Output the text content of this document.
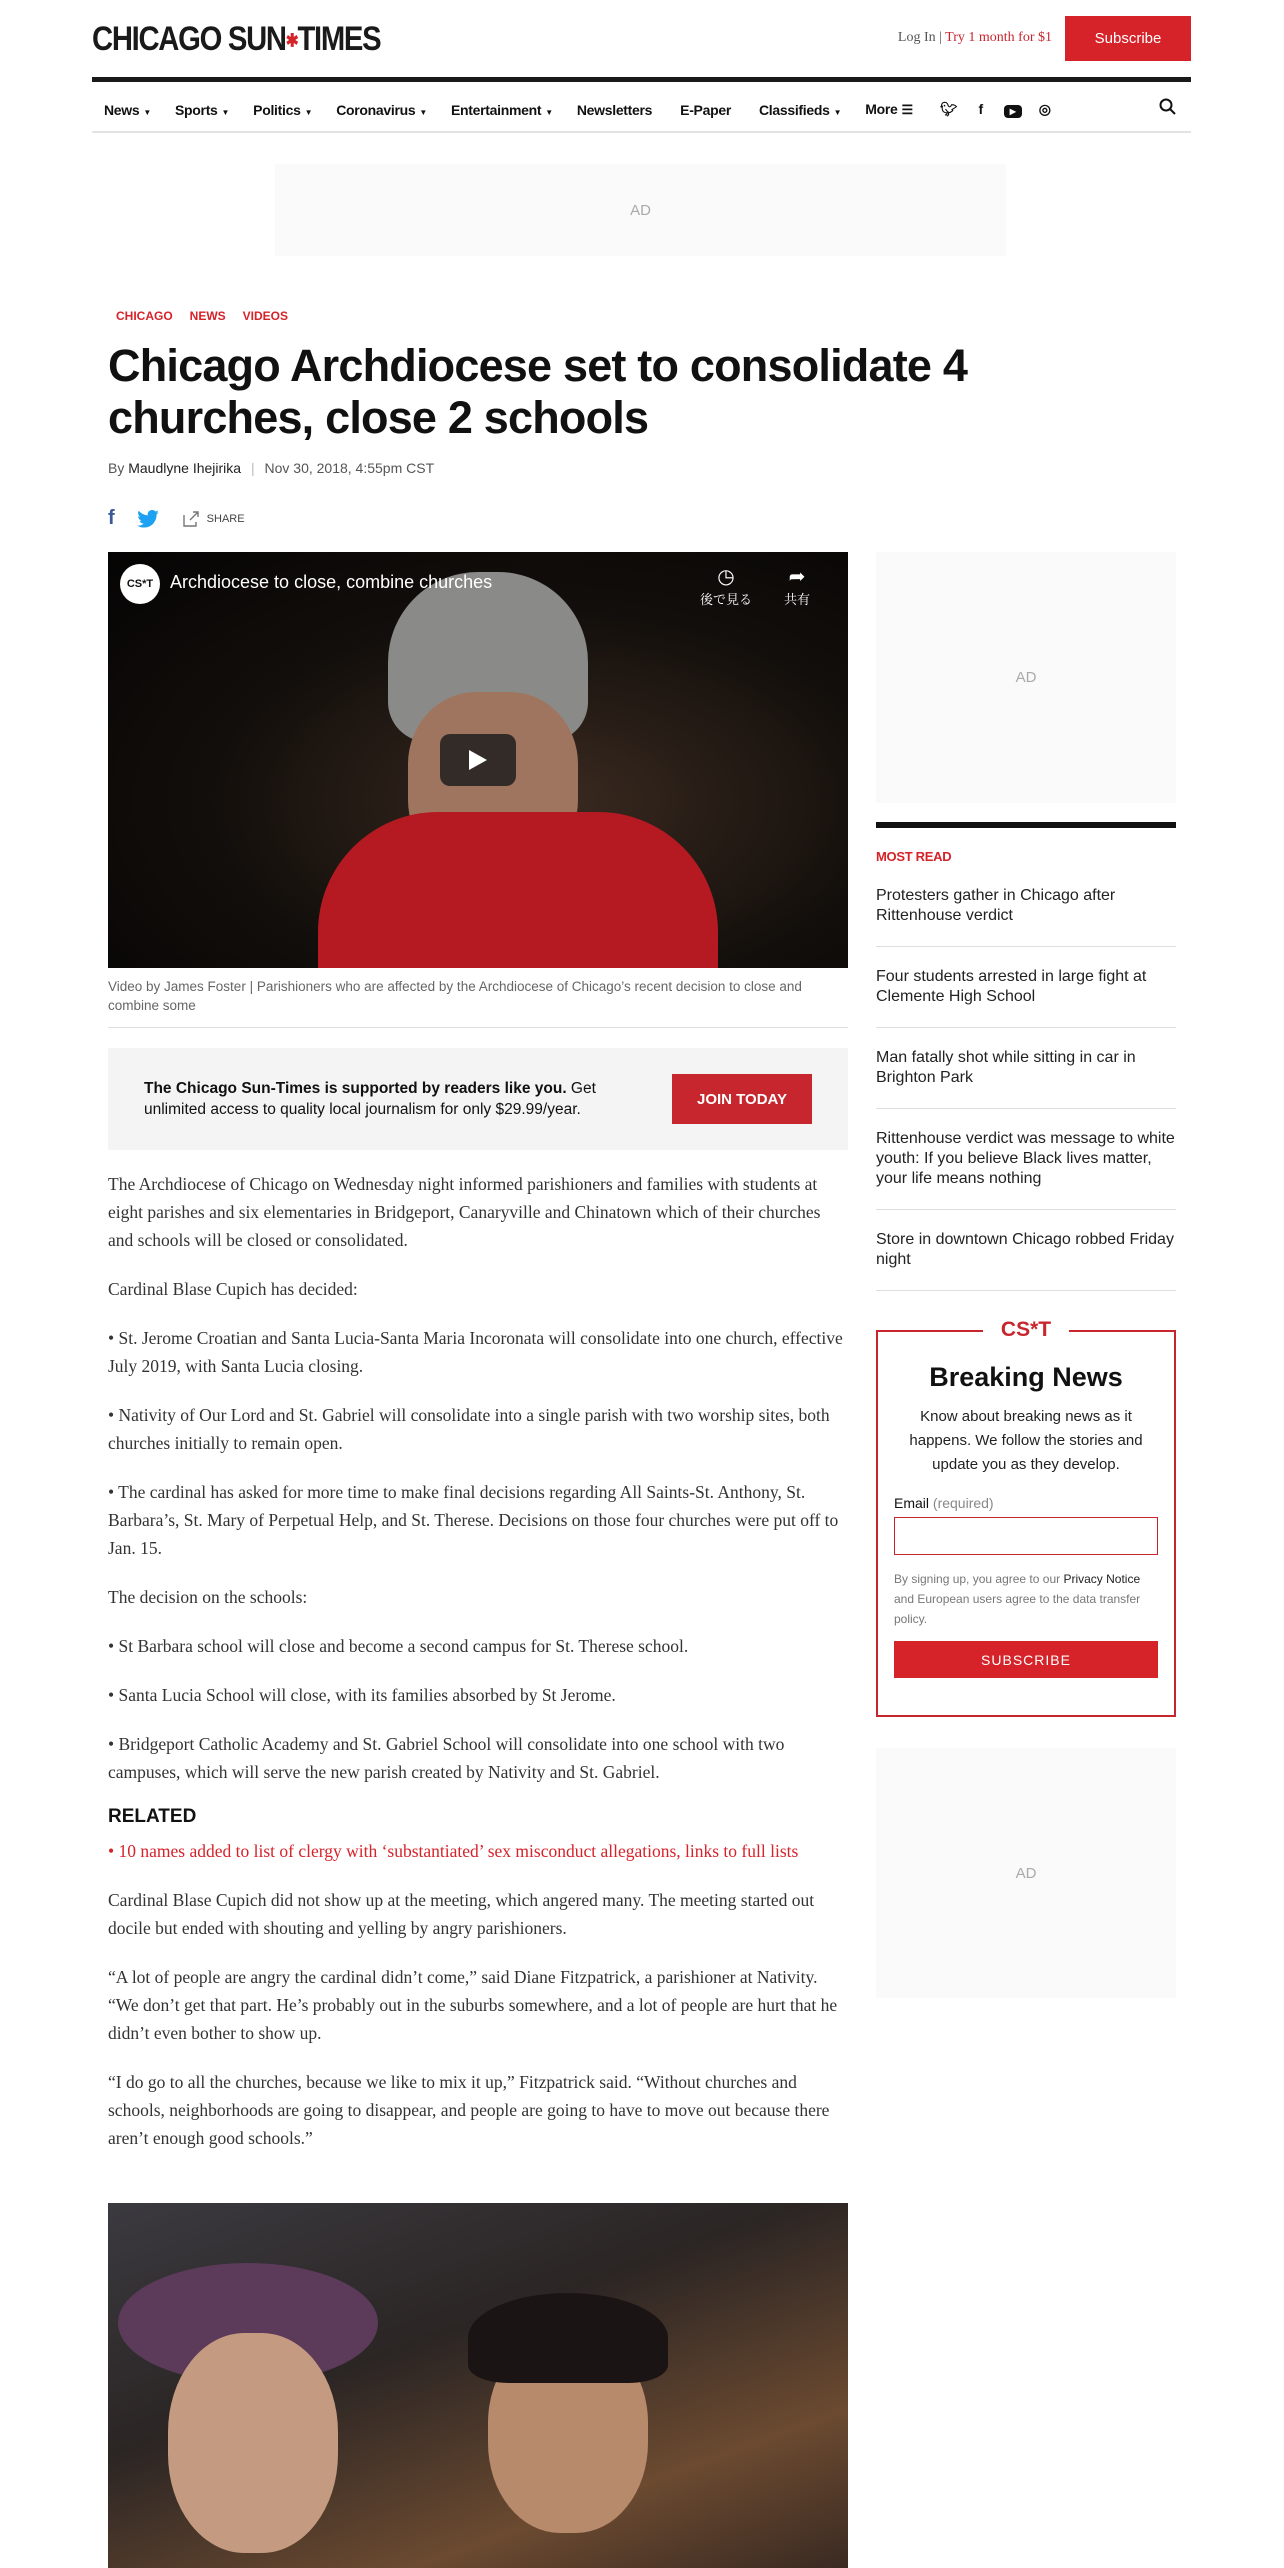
CHICAGO SUN✱TIMES	Log In | Try 1 month for $1	Subscribe
News ▼ Sports ▼ Politics ▼ Coronavirus ▼ Entertainment ▼ Newsletters E-Paper Classifieds ▼ More ☰	🐦︎ f	▶ ◎
AD
CHICAGO NEWS VIDEOS
Chicago Archdiocese set to consolidate 4 churches, close 2 schools
By Maudlyne Ihejirika | Nov 30, 2018, 4:55pm CST
f	SHARE
CS*T Archdiocese to close, combine churches	◷
後で見る
➦
共有
Video by James Foster | Parishioners who are affected by the Archdiocese of Chicago’s recent decision to close and combine some

The Chicago Sun-Times is supported by readers like you. Get unlimited access to quality local journalism for only $29.99/year.

JOIN TODAY

The Archdiocese of Chicago on Wednesday night informed parishioners and families with students at eight parishes and six elementaries in Bridgeport, Canaryville and Chinatown which of their churches and schools will be closed or consolidated.

Cardinal Blase Cupich has decided:

• St. Jerome Croatian and Santa Lucia-Santa Maria Incoronata will consolidate into one church, effective July 2019, with Santa Lucia closing.

• Nativity of Our Lord and St. Gabriel will consolidate into a single parish with two worship sites, both churches initially to remain open.

• The cardinal has asked for more time to make final decisions regarding All Saints-St. Anthony, St. Barbara’s, St. Mary of Perpetual Help, and St. Therese. Decisions on those four churches were put off to Jan. 15.

The decision on the schools:

• St Barbara school will close and become a second campus for St. Therese school.

• Santa Lucia School will close, with its families absorbed by St Jerome.

• Bridgeport Catholic Academy and St. Gabriel School will consolidate into one school with two campuses, which will serve the new parish created by Nativity and St. Gabriel.

RELATED

• 10 names added to list of clergy with ‘substantiated’ sex misconduct allegations, links to full lists

Cardinal Blase Cupich did not show up at the meeting, which angered many. The meeting started out docile but ended with shouting and yelling by angry parishioners.

“A lot of people are angry the cardinal didn’t come,” said Diane Fitzpatrick, a parishioner at Nativity. “We don’t get that part. He’s probably out in the suburbs somewhere, and a lot of people are hurt that he didn’t even bother to show up.

“I do go to all the churches, because we like to mix it up,” Fitzpatrick said. “Without churches and schools, neighborhoods are going to disappear, and people are going to have to move out because there aren’t enough good schools.”

AD
MOST READ
Protesters gather in Chicago after Rittenhouse verdict
Four students arrested in large fight at Clemente High School
Man fatally shot while sitting in car in Brighton Park
Rittenhouse verdict was message to white youth: If you believe Black lives matter, your life means nothing
Store in downtown Chicago robbed Friday night
CS*T
Breaking News

Know about breaking news as it happens. We follow the stories and update you as they develop.

Email (required)

By signing up, you agree to our Privacy Notice and European users agree to the data transfer policy.

SUBSCRIBE
AD
